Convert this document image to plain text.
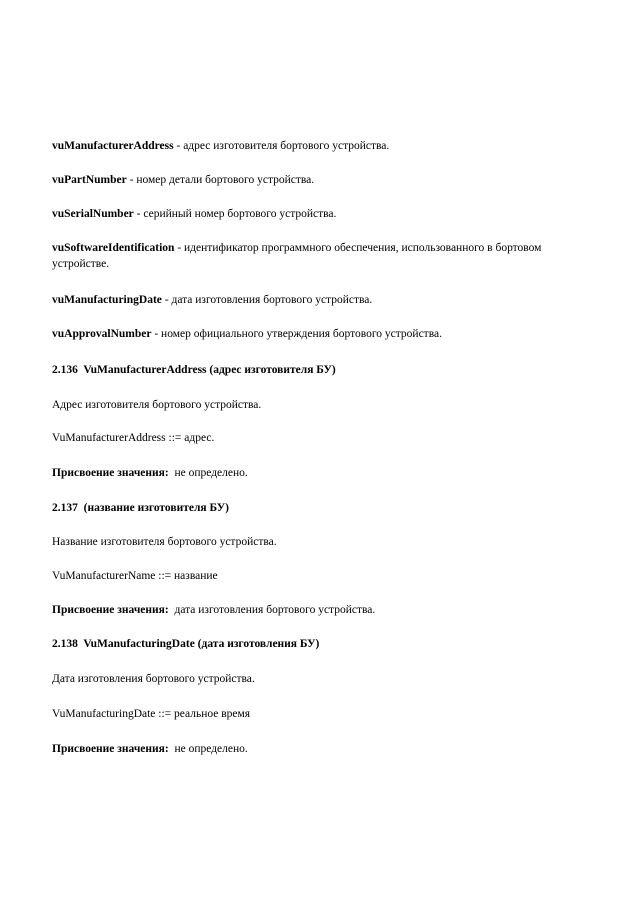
vuManufacturerAddress - адрес изготовителя бортового устройства.

vuPartNumber - номер детали бортового устройства.

vuSerialNumber - серийный номер бортового устройства.

vuSoftwareIdentification - идентификатор программного обеспечения, использованного в бортовом устройстве.

vuManufacturingDate - дата изготовления бортового устройства.

vuApprovalNumber - номер официального утверждения бортового устройства.

2.136  VuManufacturerAddress (адрес изготовителя БУ)

Адрес изготовителя бортового устройства.

VuManufacturerAddress ::= адрес.

Присвоение значения: не определено.

2.137  (название изготовителя БУ)

Название изготовителя бортового устройства.

VuManufacturerName ::= название

Присвоение значения: дата изготовления бортового устройства.

2.138  VuManufacturingDate (дата изготовления БУ)

Дата изготовления бортового устройства.

VuManufacturingDate ::= реальное время

Присвоение значения: не определено.
